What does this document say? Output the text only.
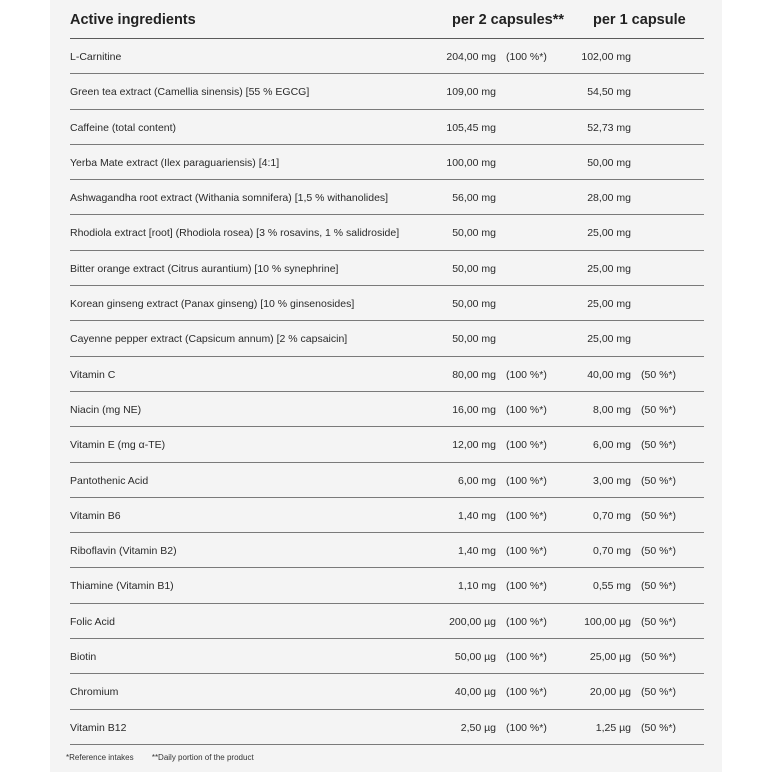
Active ingredients	per 2 capsules** per 1 capsule
L-Carnitine	204,00 mg (100 %*)	102,00 mg
Green tea extract (Camellia sinensis) [55 % EGCG]	109,00 mg	54,50 mg
Caffeine (total content)	105,45 mg	52,73 mg
Yerba Mate extract (Ilex paraguariensis) [4:1]	100,00 mg	50,00 mg
Ashwagandha root extract (Withania somnifera) [1,5 % withanolides]	56,00 mg	28,00 mg
Rhodiola extract [root] (Rhodiola rosea) [3 % rosavins, 1 % salidroside]	50,00 mg	25,00 mg
Bitter orange extract (Citrus aurantium) [10 % synephrine]	50,00 mg	25,00 mg
Korean ginseng extract (Panax ginseng) [10 % ginsenosides]	50,00 mg	25,00 mg
Cayenne pepper extract (Capsicum annum) [2 % capsaicin]	50,00 mg	25,00 mg
Vitamin C	80,00 mg (100 %*)	40,00 mg (50 %*)
Niacin (mg NE)	16,00 mg (100 %*)	8,00 mg (50 %*)
Vitamin E (mg α-TE)	12,00 mg (100 %*)	6,00 mg (50 %*)
Pantothenic Acid	6,00 mg (100 %*)	3,00 mg (50 %*)
Vitamin B6	1,40 mg (100 %*)	0,70 mg (50 %*)
Riboflavin (Vitamin B2)	1,40 mg (100 %*)	0,70 mg (50 %*)
Thiamine (Vitamin B1)	1,10 mg (100 %*)	0,55 mg (50 %*)
Folic Acid	200,00 µg (100 %*)	100,00 µg (50 %*)
Biotin	50,00 µg (100 %*)	25,00 µg (50 %*)
Chromium	40,00 µg (100 %*)	20,00 µg (50 %*)
Vitamin B12	2,50 µg (100 %*)	1,25 µg (50 %*)
*Reference intakes **Daily portion of the product
